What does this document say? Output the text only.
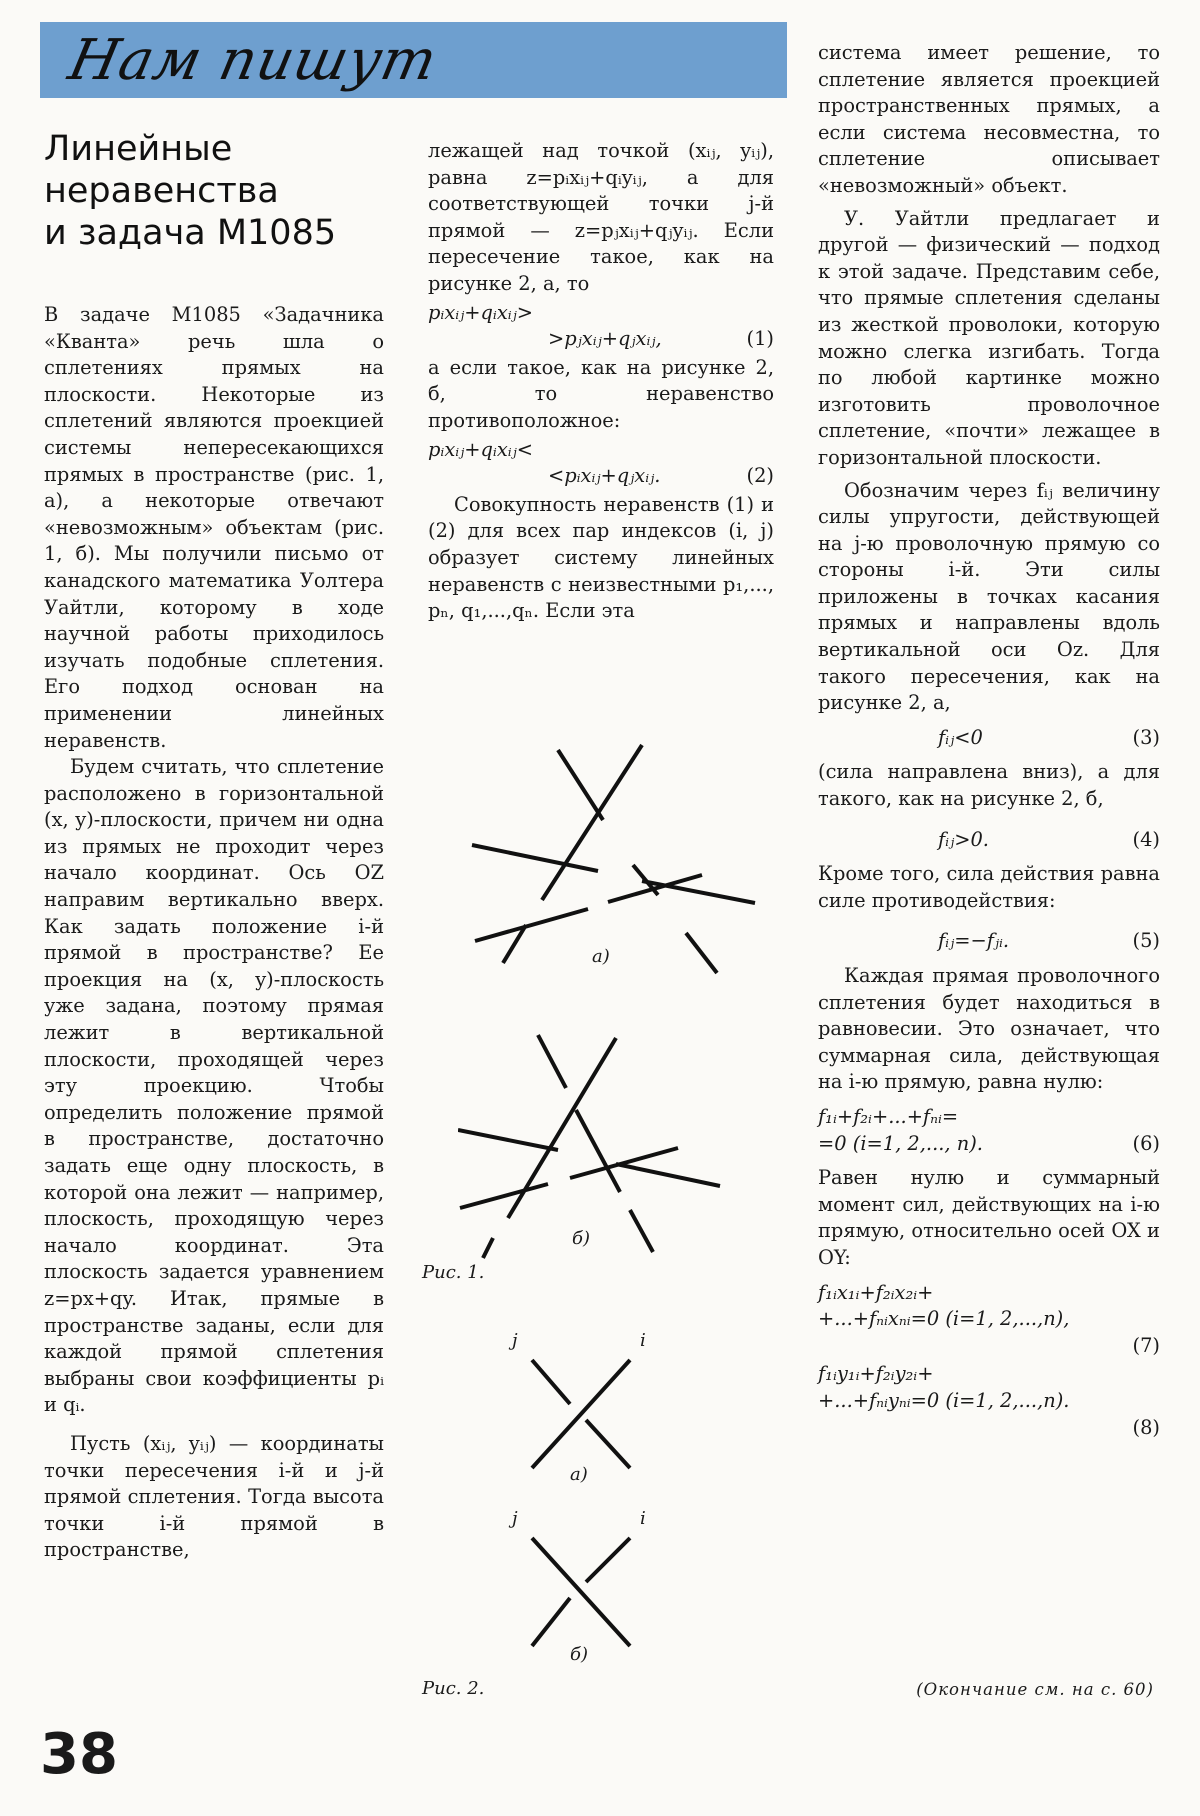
Нам пишут
Линейные
неравенства
и задача М1085

В задаче М1085 «Задачника «Кванта» речь шла о сплетениях прямых на плоскости. Некоторые из сплетений являются проекцией системы непересекающихся прямых в пространстве (рис. 1, а), а некоторые отвечают «невозможным» объектам (рис. 1, б). Мы получили письмо от канадского математика Уолтера Уайтли, которому в ходе научной работы приходилось изучать подобные сплетения. Его подход основан на применении линейных неравенств.

Будем считать, что сплетение расположено в горизонтальной (x, y)-плоскости, причем ни одна из прямых не проходит через начало координат. Ось OZ направим вертикально вверх. Как задать положение i-й прямой в пространстве? Ее проекция на (x, y)-плоскость уже задана, поэтому прямая лежит в вертикальной плоскости, проходящей через эту проекцию. Чтобы определить положение прямой в пространстве, достаточно задать еще одну плоскость, в которой она лежит — например, плоскость, проходящую через начало координат. Эта плоскость задается уравнением z=px+qy. Итак, прямые в пространстве заданы, если для каждой прямой сплетения выбраны свои коэффициенты pᵢ и qᵢ.

Пусть (xᵢⱼ, yᵢⱼ) — координаты точки пересечения i-й и j-й прямой сплетения. Тогда высота точки i-й прямой в пространстве,

лежащей над точкой (xᵢⱼ, yᵢⱼ), равна z=pᵢxᵢⱼ+qᵢyᵢⱼ, а для соответствующей точки j-й прямой — z=pⱼxᵢⱼ+qⱼyᵢⱼ. Если пересечение такое, как на рисунке 2, а, то

pᵢxᵢⱼ+qᵢxᵢⱼ>
>pⱼxᵢⱼ+qⱼxᵢⱼ,	(1)

а если такое, как на рисунке 2, б, то неравенство противоположное:

pᵢxᵢⱼ+qᵢxᵢⱼ<
<pᵢxᵢⱼ+qⱼxᵢⱼ.	(2)

Совокупность неравенств (1) и (2) для всех пар индексов (i, j) образует систему линейных неравенств с неизвестными p₁,..., pₙ, q₁,...,qₙ. Если эта

а)
б)
Рис. 1.
j	i
а)
j	i
б)
Рис. 2.

система имеет решение, то сплетение является проекцией пространственных прямых, а если система несовместна, то сплетение описывает «невозможный» объект.

У. Уайтли предлагает и другой — физический — подход к этой задаче. Представим себе, что прямые сплетения сделаны из жесткой проволоки, которую можно слегка изгибать. Тогда по любой картинке можно изготовить проволочное сплетение, «почти» лежащее в горизонтальной плоскости.

Обозначим через fᵢⱼ величину силы упругости, действующей на j-ю проволочную прямую со стороны i-й. Эти силы приложены в точках касания прямых и направлены вдоль вертикальной оси Oz. Для такого пересечения, как на рисунке 2, а,

fᵢⱼ<0	(3)

(сила направлена вниз), а для такого, как на рисунке 2, б,

fᵢⱼ>0.	(4)

Кроме того, сила действия равна силе противодействия:

fᵢⱼ=−fⱼᵢ.	(5)

Каждая прямая проволочного сплетения будет находиться в равновесии. Это означает, что суммарная сила, действующая на i-ю прямую, равна нулю:

f₁ᵢ+f₂ᵢ+...+fₙᵢ=
=0 (i=1, 2,..., n).	(6)

Равен нулю и суммарный момент сил, действующих на i-ю прямую, относительно осей OX и OY:

f₁ᵢx₁ᵢ+f₂ᵢx₂ᵢ+
+...+fₙᵢxₙᵢ=0 (i=1, 2,...,n),
(7)
f₁ᵢy₁ᵢ+f₂ᵢy₂ᵢ+
+...+fₙᵢyₙᵢ=0 (i=1, 2,...,n).
(8)
(Окончание см. на с. 60)
38
